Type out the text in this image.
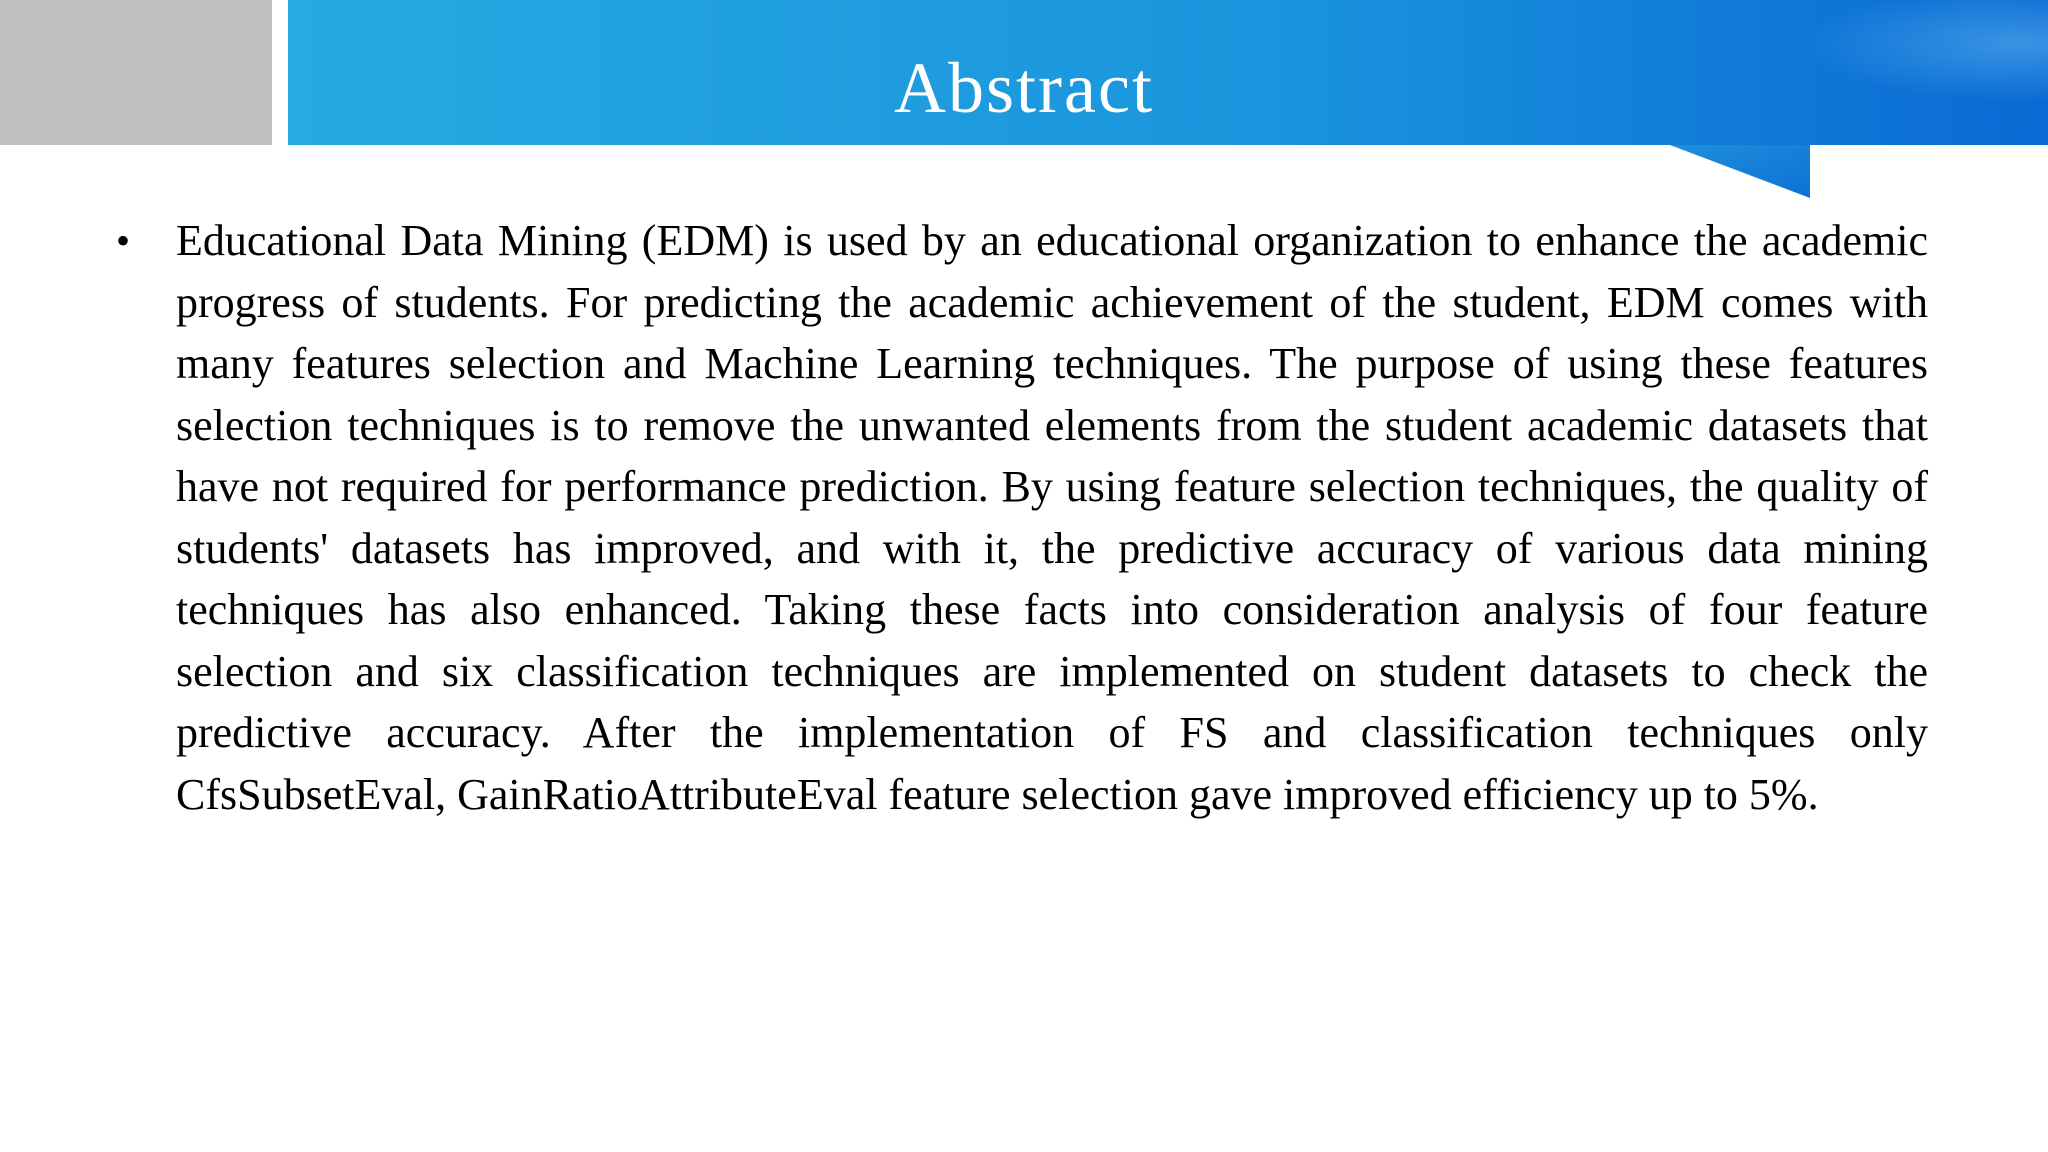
Abstract
• Educational Data Mining (EDM) is used by an educational organization to enhance the academic progress of students. For predicting the academic achievement of the student, EDM comes with many features selection and Machine Learning techniques. The purpose of using these features selection techniques is to remove the unwanted elements from the student academic datasets that have not required for performance prediction. By using feature selection techniques, the quality of students' datasets has improved, and with it, the predictive accuracy of various data mining techniques has also enhanced. Taking these facts into consideration analysis of four feature selection and six classification techniques are implemented on student datasets to check the predictive accuracy. After the implementation of FS and classification techniques only CfsSubsetEval, GainRatioAttributeEval feature selection gave improved efficiency up to 5%.
